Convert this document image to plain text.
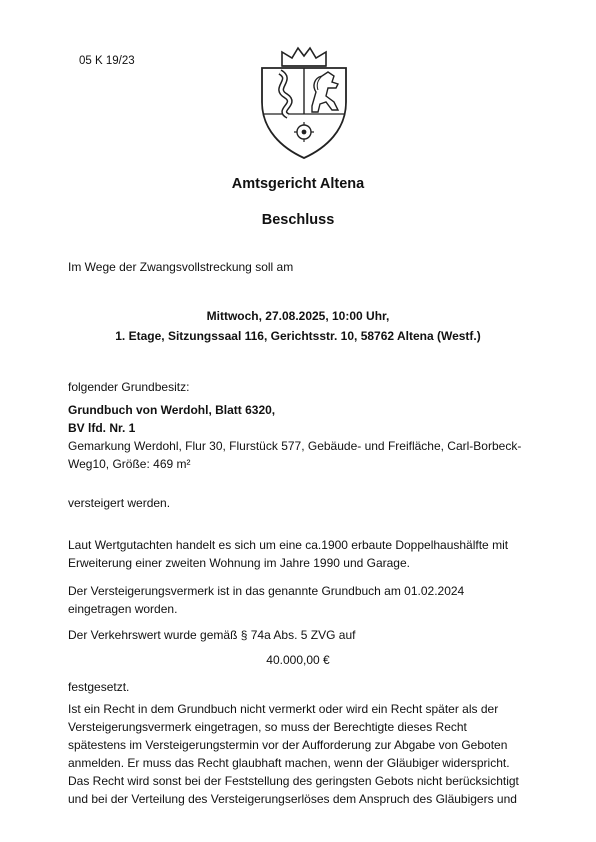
05 K 19/23
Amtsgericht Altena
Beschluss
Im Wege der Zwangsvollstreckung soll am
Mittwoch, 27.08.2025, 10:00 Uhr,
1. Etage, Sitzungssaal 116, Gerichtsstr. 10, 58762 Altena (Westf.)
folgender Grundbesitz:
Grundbuch von Werdohl, Blatt 6320,
BV lfd. Nr. 1
Gemarkung Werdohl, Flur 30, Flurstück 577, Gebäude- und Freifläche, Carl-Borbeck-
Weg10, Größe: 469 m²
versteigert werden.
Laut Wertgutachten handelt es sich um eine ca.1900 erbaute Doppelhaushälfte mit
Erweiterung einer zweiten Wohnung im Jahre 1990 und Garage.
Der Versteigerungsvermerk ist in das genannte Grundbuch am 01.02.2024
eingetragen worden.
Der Verkehrswert wurde gemäß § 74a Abs. 5 ZVG auf
40.000,00 €
festgesetzt.
Ist ein Recht in dem Grundbuch nicht vermerkt oder wird ein Recht später als der
Versteigerungsvermerk eingetragen, so muss der Berechtigte dieses Recht
spätestens im Versteigerungstermin vor der Aufforderung zur Abgabe von Geboten
anmelden. Er muss das Recht glaubhaft machen, wenn der Gläubiger widerspricht.
Das Recht wird sonst bei der Feststellung des geringsten Gebots nicht berücksichtigt
und bei der Verteilung des Versteigerungserlöses dem Anspruch des Gläubigers und
